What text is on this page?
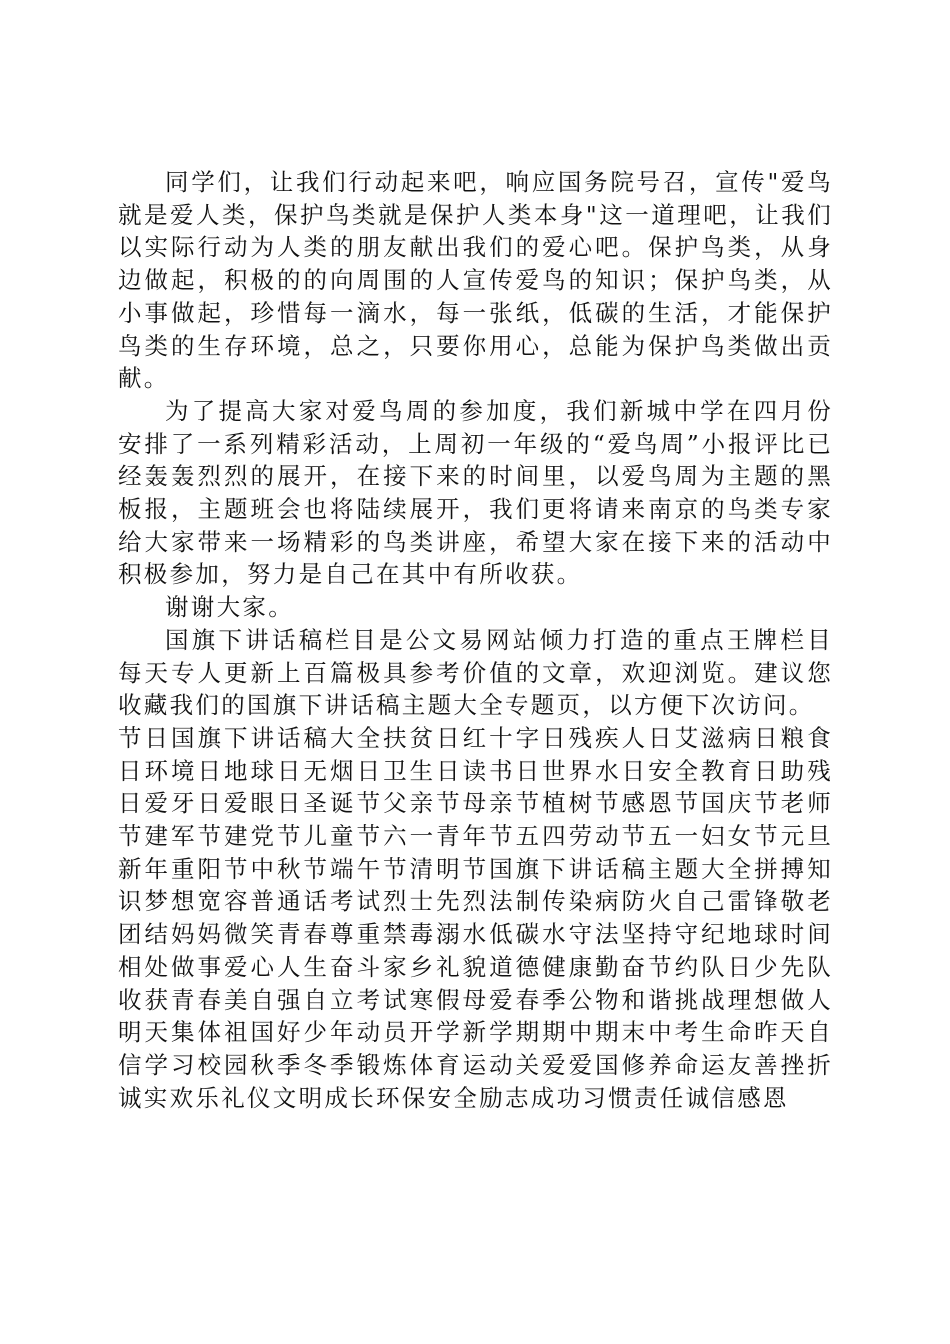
同学们，让我们行动起来吧，响应国务院号召，宣传"爱鸟就是爱人类，保护鸟类就是保护人类本身"这一道理吧，让我们以实际行动为人类的朋友献出我们的爱心吧。保护鸟类，从身边做起，积极的的向周围的人宣传爱鸟的知识；保护鸟类，从小事做起，珍惜每一滴水，每一张纸，低碳的生活，才能保护鸟类的生存环境，总之，只要你用心，总能为保护鸟类做出贡献。

为了提高大家对爱鸟周的参加度，我们新城中学在四月份安排了一系列精彩活动，上周初一年级的“爱鸟周”小报评比已经轰轰烈烈的展开，在接下来的时间里，以爱鸟周为主题的黑板报，主题班会也将陆续展开，我们更将请来南京的鸟类专家给大家带来一场精彩的鸟类讲座，希望大家在接下来的活动中积极参加，努力是自己在其中有所收获。

谢谢大家。

国旗下讲话稿栏目是公文易网站倾力打造的重点王牌栏目每天专人更新上百篇极具参考价值的文章，欢迎浏览。建议您收藏我们的国旗下讲话稿主题大全专题页，以方便下次访问。

节日国旗下讲话稿大全扶贫日红十字日残疾人日艾滋病日粮食日环境日地球日无烟日卫生日读书日世界水日安全教育日助残日爱牙日爱眼日圣诞节父亲节母亲节植树节感恩节国庆节老师节建军节建党节儿童节六一青年节五四劳动节五一妇女节元旦新年重阳节中秋节端午节清明节国旗下讲话稿主题大全拼搏知识梦想宽容普通话考试烈士先烈法制传染病防火自己雷锋敬老团结妈妈微笑青春尊重禁毒溺水低碳水守法坚持守纪地球时间相处做事爱心人生奋斗家乡礼貌道德健康勤奋节约队日少先队收获青春美自强自立考试寒假母爱春季公物和谐挑战理想做人明天集体祖国好少年动员开学新学期期中期末中考生命昨天自信学习校园秋季冬季锻炼体育运动关爱爱国修养命运友善挫折诚实欢乐礼仪文明成长环保安全励志成功习惯责任诚信感恩
